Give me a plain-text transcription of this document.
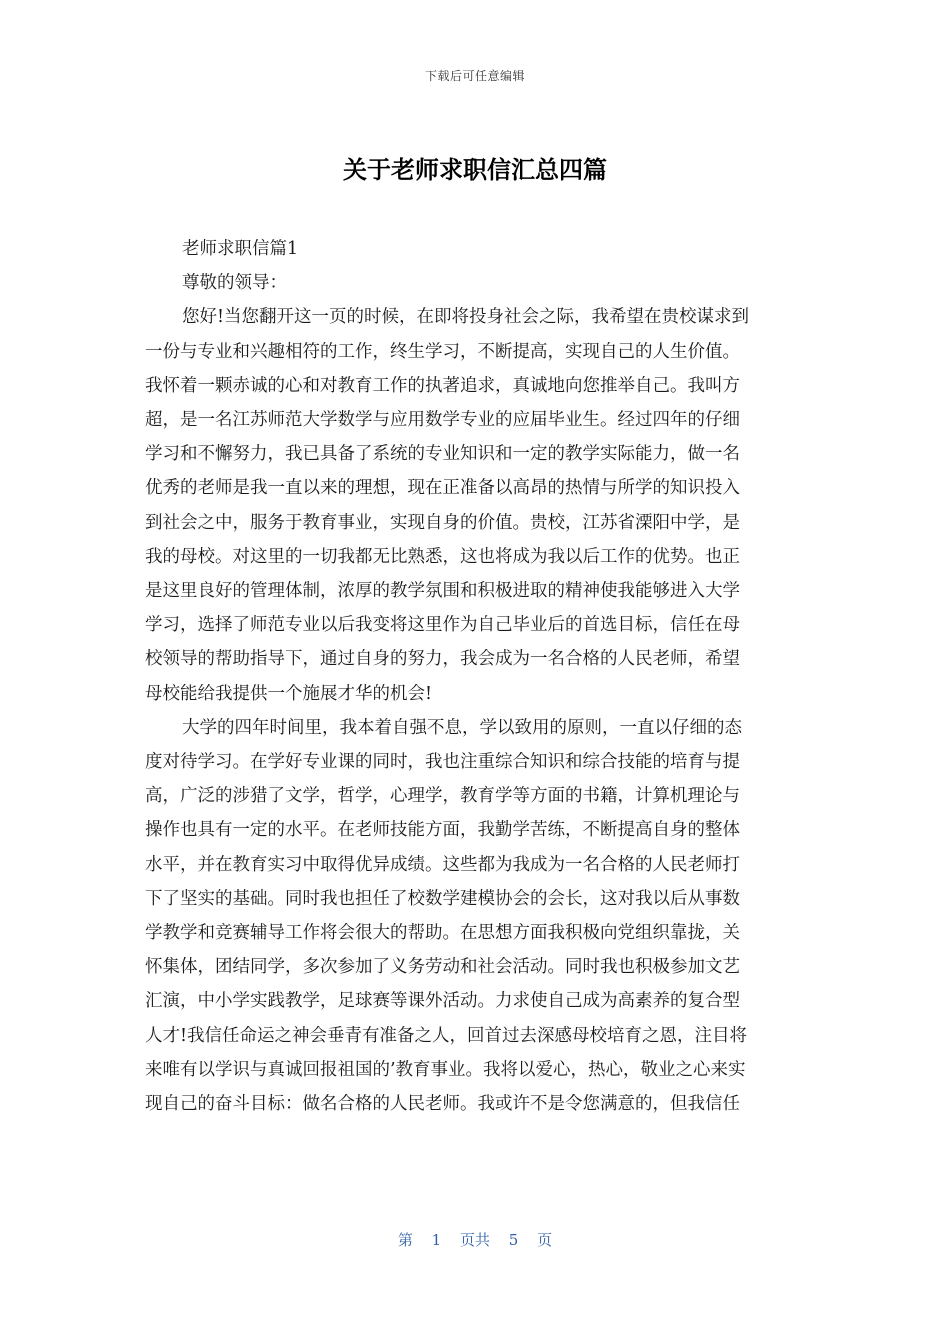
下载后可任意编辑
关于老师求职信汇总四篇

老师求职信篇1

尊敬的领导：

您好!当您翻开这一页的时候，在即将投身社会之际，我希望在贵校谋求到
一份与专业和兴趣相符的工作，终生学习，不断提高，实现自己的人生价值。
我怀着一颗赤诚的心和对教育工作的执著追求，真诚地向您推举自己。我叫方
超，是一名江苏师范大学数学与应用数学专业的应届毕业生。经过四年的仔细
学习和不懈努力，我已具备了系统的专业知识和一定的教学实际能力，做一名
优秀的老师是我一直以来的理想，现在正准备以高昂的热情与所学的知识投入
到社会之中，服务于教育事业，实现自身的价值。贵校，江苏省溧阳中学，是
我的母校。对这里的一切我都无比熟悉，这也将成为我以后工作的优势。也正
是这里良好的管理体制，浓厚的教学氛围和积极进取的精神使我能够进入大学
学习，选择了师范专业以后我变将这里作为自己毕业后的首选目标，信任在母
校领导的帮助指导下，通过自身的努力，我会成为一名合格的人民老师，希望
母校能给我提供一个施展才华的机会!

大学的四年时间里，我本着自强不息，学以致用的原则，一直以仔细的态
度对待学习。在学好专业课的同时，我也注重综合知识和综合技能的培育与提
高，广泛的涉猎了文学，哲学，心理学，教育学等方面的书籍，计算机理论与
操作也具有一定的水平。在老师技能方面，我勤学苦练，不断提高自身的整体
水平，并在教育实习中取得优异成绩。这些都为我成为一名合格的人民老师打
下了坚实的基础。同时我也担任了校数学建模协会的会长，这对我以后从事数
学教学和竞赛辅导工作将会很大的帮助。在思想方面我积极向党组织靠拢，关
怀集体，团结同学，多次参加了义务劳动和社会活动。同时我也积极参加文艺
汇演，中小学实践教学，足球赛等课外活动。力求使自己成为高素养的复合型
人才!我信任命运之神会垂青有准备之人，回首过去深感母校培育之恩，注目将
来唯有以学识与真诚回报祖国的’教育事业。我将以爱心，热心，敬业之心来实
现自己的奋斗目标：做名合格的人民老师。我或许不是令您满意的，但我信任

第 1 页共 5 页
